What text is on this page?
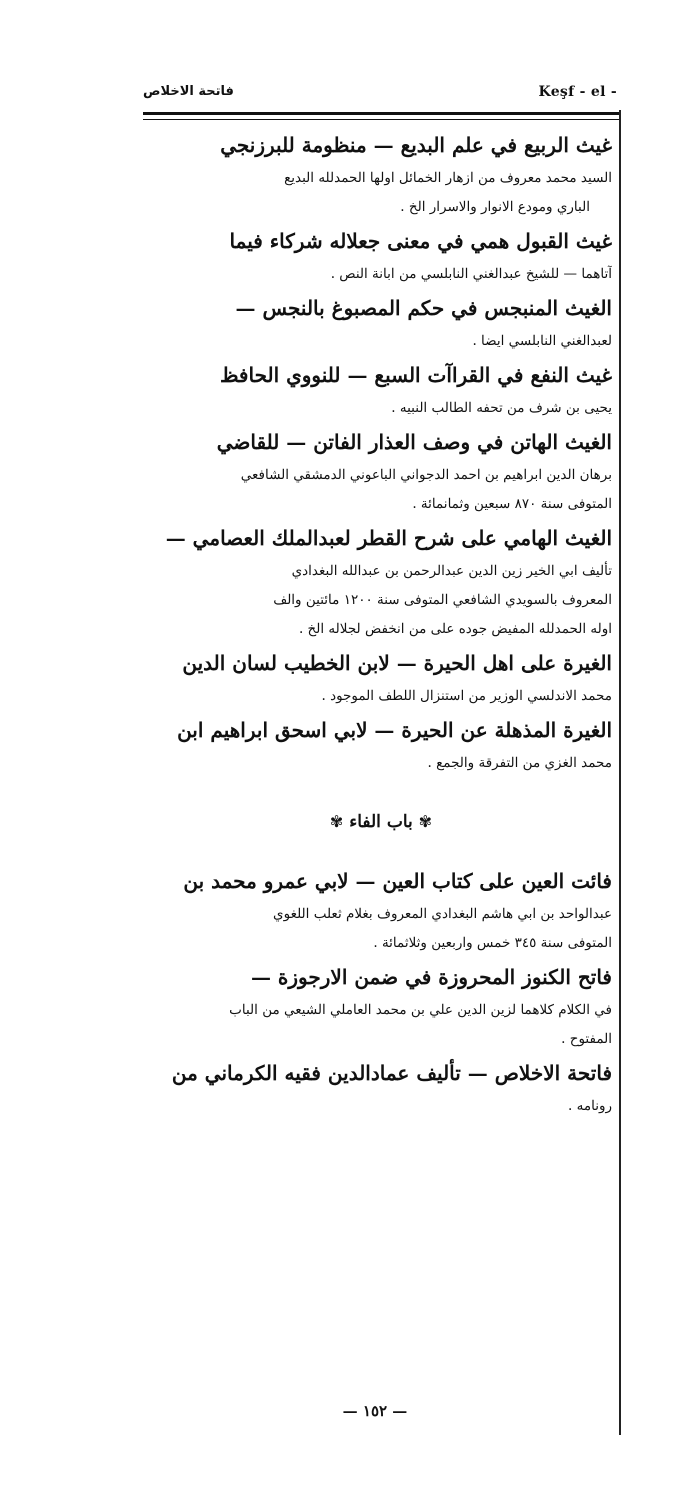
فاتحة الاخلاص	Keşf - el -

غيث الربيع في علم البديع — منظومة للبرزنجي

السيد محمد معروف من ازهار الخمائل اولها الحمدلله البديع

الباري ومودع الانوار والاسرار الخ .

غيث القبول همي في معنى جعلاله شركاء فيما

آتاهما — للشيخ عبدالغني النابلسي من ابانة النص .

الغيث المنبجس في حكم المصبوغ بالنجس —

لعبدالغني النابلسي ايضا .

غيث النفع في القراآت السبع — للنووي الحافظ

يحيى بن شرف من تحفه الطالب النبيه .

الغيث الهاتن في وصف العذار الفاتن — للقاضي

برهان الدين ابراهيم بن احمد الدجواني الباعوني الدمشقي الشافعي

المتوفى سنة ٨٧٠ سبعين وثمانمائة .

الغيث الهامي على شرح القطر لعبدالملك العصامي —

تأليف ابي الخير زين الدين عبدالرحمن بن عبدالله البغدادي

المعروف بالسويدي الشافعي المتوفى سنة ١٢٠٠ مائتين والف

اوله الحمدلله المفيض جوده على من انخفض لجلاله الخ .

الغيرة على اهل الحيرة — لابن الخطيب لسان الدين

محمد الاندلسي الوزير من استنزال اللطف الموجود .

الغيرة المذهلة عن الحيرة — لابي اسحق ابراهيم ابن

محمد الغزي من التفرقة والجمع .

✾ باب الفاء ✾

فائت العين على كتاب العين — لابي عمرو محمد بن

عبدالواحد بن ابي هاشم البغدادي المعروف بغلام ثعلب اللغوي

المتوفى سنة ٣٤٥ خمس واربعين وثلاثمائة .

فاتح الكنوز المحروزة في ضمن الارجوزة —

في الكلام كلاهما لزين الدين علي بن محمد العاملي الشيعي من الباب

المفتوح .

فاتحة الاخلاص — تأليف عمادالدين فقيه الكرماني من

رونامه .

— ١٥٢ —
